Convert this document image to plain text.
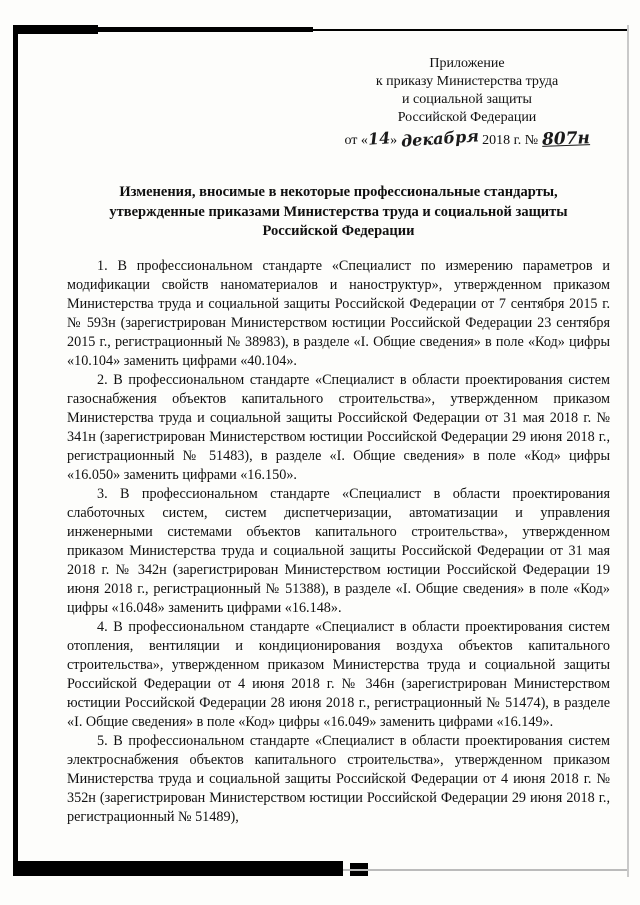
Приложение
к приказу Министерства труда
и социальной защиты
Российской Федерации
от «14» декабря 2018 г. № 807н
Изменения, вносимые в некоторые профессиональные стандарты,
утвержденные приказами Министерства труда и социальной защиты
Российской Федерации

1. В профессиональном стандарте «Специалист по измерению параметров и модификации свойств наноматериалов и наноструктур», утвержденном приказом Министерства труда и социальной защиты Российской Федерации от 7 сентября 2015 г. № 593н (зарегистрирован Министерством юстиции Российской Федерации 23 сентября 2015 г., регистрационный № 38983), в разделе «I. Общие сведения» в поле «Код» цифры «10.104» заменить цифрами «40.104».

2. В профессиональном стандарте «Специалист в области проектирования систем газоснабжения объектов капитального строительства», утвержденном приказом Министерства труда и социальной защиты Российской Федерации от 31 мая 2018 г. № 341н (зарегистрирован Министерством юстиции Российской Федерации 29 июня 2018 г., регистрационный № 51483), в разделе «I. Общие сведения» в поле «Код» цифры «16.050» заменить цифрами «16.150».

3. В профессиональном стандарте «Специалист в области проектирования слаботочных систем, систем диспетчеризации, автоматизации и управления инженерными системами объектов капитального строительства», утвержденном приказом Министерства труда и социальной защиты Российской Федерации от 31 мая 2018 г. № 342н (зарегистрирован Министерством юстиции Российской Федерации 19 июня 2018 г., регистрационный № 51388), в разделе «I. Общие сведения» в поле «Код» цифры «16.048» заменить цифрами «16.148».

4. В профессиональном стандарте «Специалист в области проектирования систем отопления, вентиляции и кондиционирования воздуха объектов капитального строительства», утвержденном приказом Министерства труда и социальной защиты Российской Федерации от 4 июня 2018 г. № 346н (зарегистрирован Министерством юстиции Российской Федерации 28 июня 2018 г., регистрационный № 51474), в разделе «I. Общие сведения» в поле «Код» цифры «16.049» заменить цифрами «16.149».

5. В профессиональном стандарте «Специалист в области проектирования систем электроснабжения объектов капитального строительства», утвержденном приказом Министерства труда и социальной защиты Российской Федерации от 4 июня 2018 г. № 352н (зарегистрирован Министерством юстиции Российской Федерации 29 июня 2018 г., регистрационный № 51489),
